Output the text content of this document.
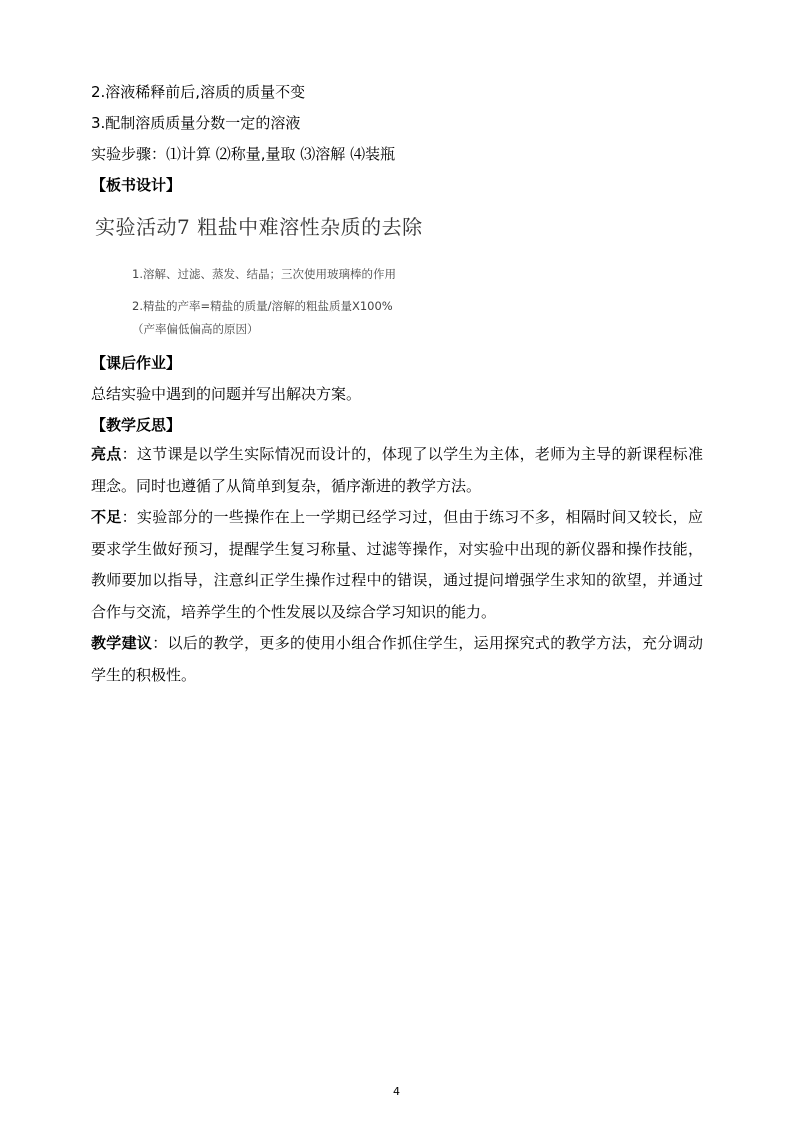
2.溶液稀释前后,溶质的质量不变
3.配制溶质质量分数一定的溶液
实验步骤：⑴计算 ⑵称量,量取 ⑶溶解 ⑷装瓶
【板书设计】
实验活动7 粗盐中难溶性杂质的去除
1.溶解、过滤、蒸发、结晶；三次使用玻璃棒的作用
2.精盐的产率=精盐的质量/溶解的粗盐质量X100%
（产率偏低偏高的原因）
【课后作业】
总结实验中遇到的问题并写出解决方案。
【教学反思】
亮点：这节课是以学生实际情况而设计的，体现了以学生为主体，老师为主导的新课程标准理念。同时也遵循了从简单到复杂，循序渐进的教学方法。
不足：实验部分的一些操作在上一学期已经学习过，但由于练习不多，相隔时间又较长，应要求学生做好预习，提醒学生复习称量、过滤等操作，对实验中出现的新仪器和操作技能，教师要加以指导，注意纠正学生操作过程中的错误，通过提问增强学生求知的欲望，并通过合作与交流，培养学生的个性发展以及综合学习知识的能力。
教学建议：以后的教学，更多的使用小组合作抓住学生，运用探究式的教学方法，充分调动学生的积极性。
4
